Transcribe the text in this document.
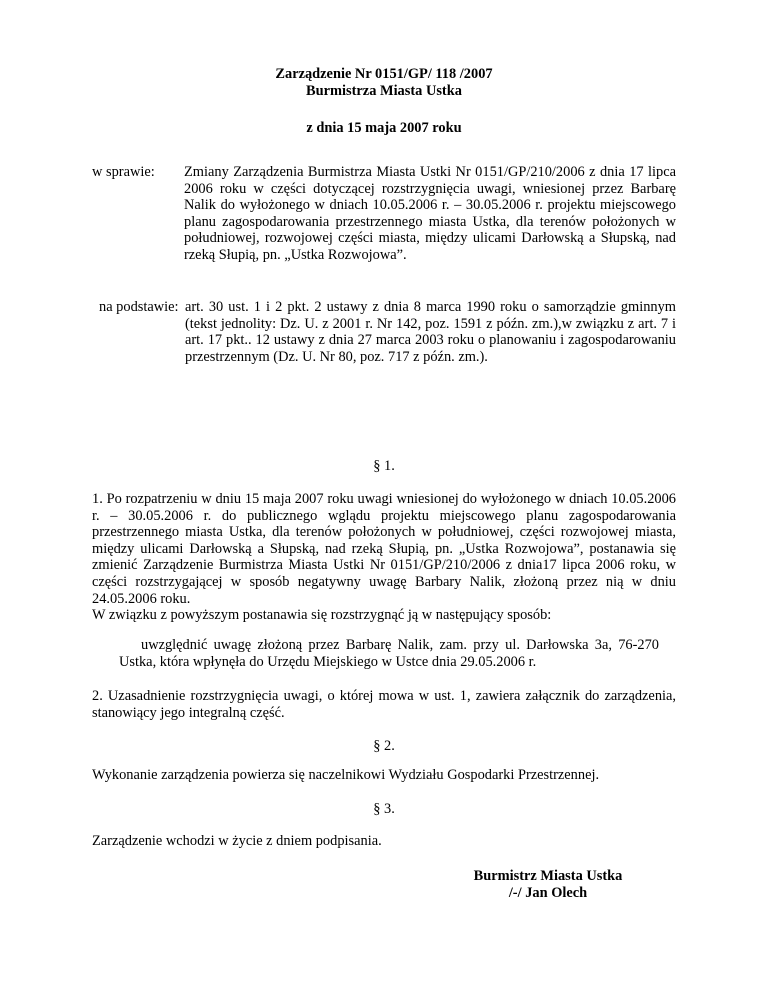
Zarządzenie Nr 0151/GP/ 118 /2007
Burmistrza Miasta Ustka
z dnia 15 maja 2007 roku
w sprawie: Zmiany Zarządzenia Burmistrza Miasta Ustki Nr 0151/GP/210/2006 z dnia 17 lipca 2006 roku w części dotyczącej rozstrzygnięcia uwagi, wniesionej przez Barbarę Nalik do wyłożonego w dniach 10.05.2006 r. – 30.05.2006 r. projektu miejscowego planu zagospodarowania przestrzennego miasta Ustka, dla terenów położonych w południowej, rozwojowej części miasta, między ulicami Darłowską a Słupską, nad rzeką Słupią, pn. „Ustka Rozwojowa”.

na podstawie: art. 30 ust. 1 i 2 pkt. 2 ustawy z dnia 8 marca 1990 roku o samorządzie gminnym (tekst jednolity: Dz. U. z 2001 r. Nr 142, poz. 1591 z późn. zm.),w związku z art. 7 i art. 17 pkt.. 12 ustawy z dnia 27 marca 2003 roku o planowaniu i zagospodarowaniu przestrzennym (Dz. U. Nr 80, poz. 717 z późn. zm.).

§ 1.

1. Po rozpatrzeniu w dniu 15 maja 2007 roku uwagi wniesionej do wyłożonego w dniach 10.05.2006 r. – 30.05.2006 r. do publicznego wglądu projektu miejscowego planu zagospodarowania przestrzennego miasta Ustka, dla terenów położonych w południowej, części rozwojowej miasta, między ulicami Darłowską a Słupską, nad rzeką Słupią, pn. „Ustka Rozwojowa”, postanawia się zmienić Zarządzenie Burmistrza Miasta Ustki Nr 0151/GP/210/2006 z dnia17 lipca 2006 roku, w części rozstrzygającej w sposób negatywny uwagę Barbary Nalik, złożoną przez nią w dniu 24.05.2006 roku.

W związku z powyższym postanawia się rozstrzygnąć ją w następujący sposób:

uwzględnić uwagę złożoną przez Barbarę Nalik, zam. przy ul. Darłowska 3a, 76-270 Ustka, która wpłynęła do Urzędu Miejskiego w Ustce dnia 29.05.2006 r.

2. Uzasadnienie rozstrzygnięcia uwagi, o której mowa w ust. 1, zawiera załącznik do zarządzenia, stanowiący jego integralną część.

§ 2.

Wykonanie zarządzenia powierza się naczelnikowi Wydziału Gospodarki Przestrzennej.

§ 3.

Zarządzenie wchodzi w życie z dniem podpisania.

Burmistrz Miasta Ustka
/-/ Jan Olech
